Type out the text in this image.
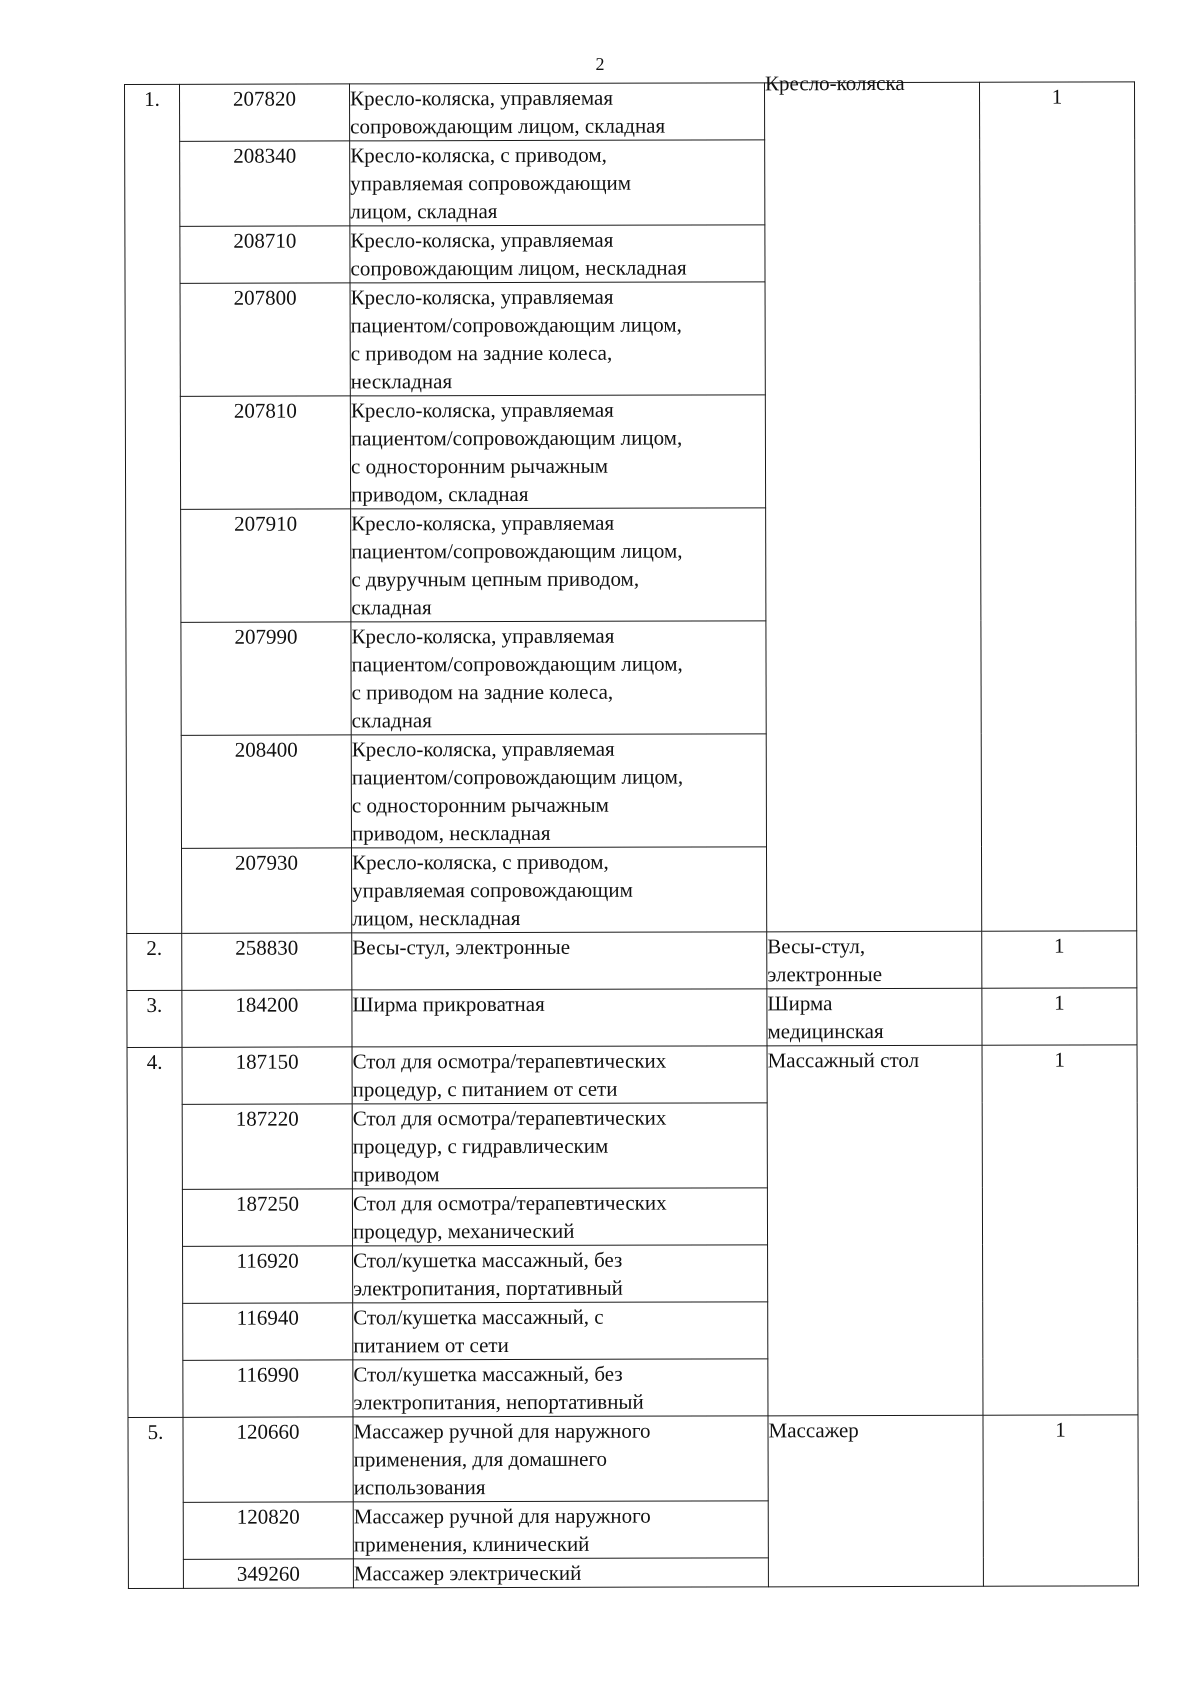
2
1.	207820	Кресло-коляска, управляемая
сопровождающим лицом, складная	Кресло-коляска	1
	208340	Кресло-коляска, с приводом,
управляемая сопровождающим
лицом, складная		
	208710	Кресло-коляска, управляемая
сопровождающим лицом, нескладная		
	207800	Кресло-коляска, управляемая
пациентом/сопровождающим лицом,
с приводом на задние колеса,
нескладная		
	207810	Кресло-коляска, управляемая
пациентом/сопровождающим лицом,
с односторонним рычажным
приводом, складная		
	207910	Кресло-коляска, управляемая
пациентом/сопровождающим лицом,
с двуручным цепным приводом,
складная		
	207990	Кресло-коляска, управляемая
пациентом/сопровождающим лицом,
с приводом на задние колеса,
складная		
	208400	Кресло-коляска, управляемая
пациентом/сопровождающим лицом,
с односторонним рычажным
приводом, нескладная		
	207930	Кресло-коляска, с приводом,
управляемая сопровождающим
лицом, нескладная		
2.	258830	Весы-стул, электронные	Весы-стул,
электронные	1
3.	184200	Ширма прикроватная	Ширма
медицинская	1
4.	187150	Стол для осмотра/терапевтических
процедур, с питанием от сети	Массажный стол	1
	187220	Стол для осмотра/терапевтических
процедур, с гидравлическим
приводом		
	187250	Стол для осмотра/терапевтических
процедур, механический		
	116920	Стол/кушетка массажный, без
электропитания, портативный		
	116940	Стол/кушетка массажный, с
питанием от сети		
	116990	Стол/кушетка массажный, без
электропитания, непортативный		
5.	120660	Массажер ручной для наружного
применения, для домашнего
использования	Массажер	1
	120820	Массажер ручной для наружного
применения, клинический		
	349260	Массажер электрический		
